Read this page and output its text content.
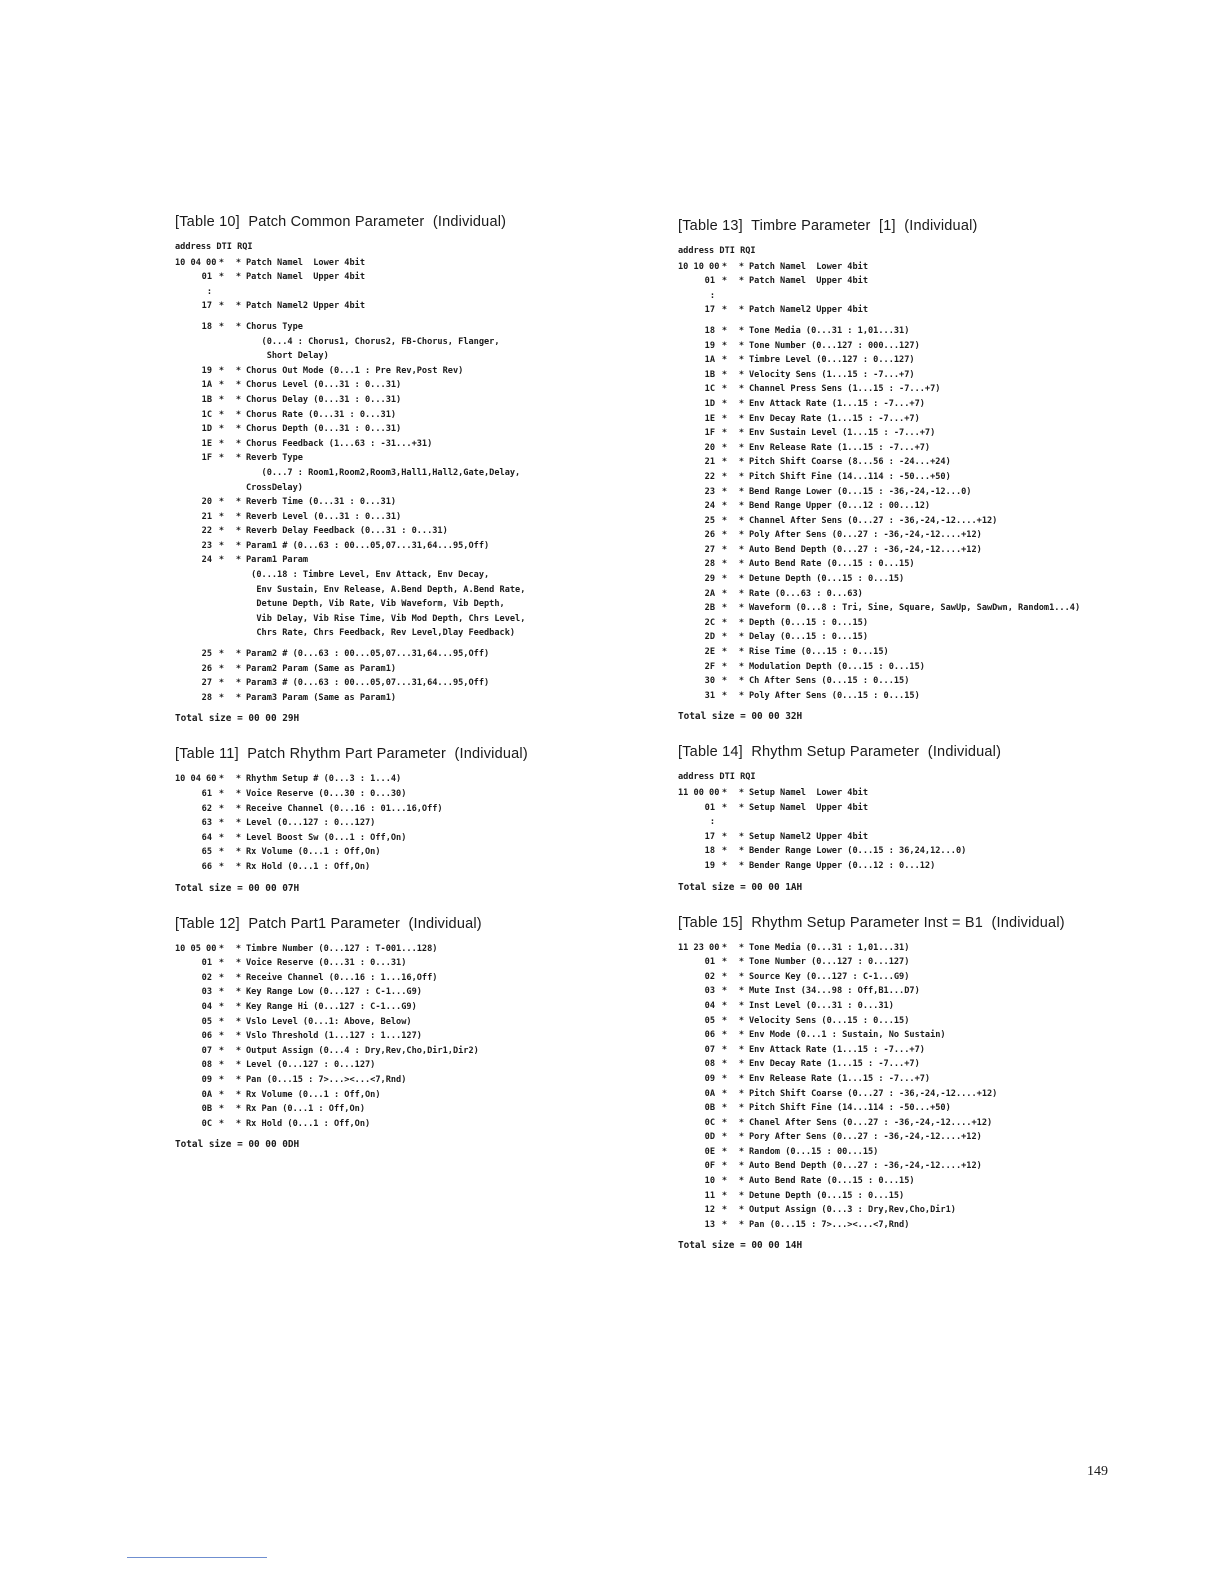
[Table 10]  Patch Common Parameter  (Individual)
address DTI RQI
10 04 00 *	* Patch Namel  Lower 4bit
01 *	* Patch Namel  Upper 4bit
:
17 *	* Patch Namel2 Upper 4bit
18 *	* Chorus Type
(0...4 : Chorus1, Chorus2, FB-Chorus, Flanger,
Short Delay)
19 *	* Chorus Out Mode (0...1 : Pre Rev,Post Rev)
1A *	* Chorus Level (0...31 : 0...31)
1B *	* Chorus Delay (0...31 : 0...31)
1C *	* Chorus Rate (0...31 : 0...31)
1D *	* Chorus Depth (0...31 : 0...31)
1E *	* Chorus Feedback (1...63 : -31...+31)
1F *	* Reverb Type
(0...7 : Room1,Room2,Room3,Hall1,Hall2,Gate,Delay,
CrossDelay)
20 *	* Reverb Time (0...31 : 0...31)
21 *	* Reverb Level (0...31 : 0...31)
22 *	* Reverb Delay Feedback (0...31 : 0...31)
23 *	* Param1 # (0...63 : 00...05,07...31,64...95,Off)
24 *	* Param1 Param
(0...18 : Timbre Level, Env Attack, Env Decay,
Env Sustain, Env Release, A.Bend Depth, A.Bend Rate,
Detune Depth, Vib Rate, Vib Waveform, Vib Depth,
Vib Delay, Vib Rise Time, Vib Mod Depth, Chrs Level,
Chrs Rate, Chrs Feedback, Rev Level,Dlay Feedback)
25 *	* Param2 # (0...63 : 00...05,07...31,64...95,Off)
26 *	* Param2 Param (Same as Param1)
27 *	* Param3 # (0...63 : 00...05,07...31,64...95,Off)
28 *	* Param3 Param (Same as Param1)
Total size = 00 00 29H
[Table 11]  Patch Rhythm Part Parameter  (Individual)
10 04 60 *	* Rhythm Setup # (0...3 : 1...4)
61 *	* Voice Reserve (0...30 : 0...30)
62 *	* Receive Channel (0...16 : 01...16,Off)
63 *	* Level (0...127 : 0...127)
64 *	* Level Boost Sw (0...1 : Off,On)
65 *	* Rx Volume (0...1 : Off,On)
66 *	* Rx Hold (0...1 : Off,On)
Total size = 00 00 07H
[Table 12]  Patch Part1 Parameter  (Individual)
10 05 00 *	* Timbre Number (0...127 : T-001...128)
01 *	* Voice Reserve (0...31 : 0...31)
02 *	* Receive Channel (0...16 : 1...16,Off)
03 *	* Key Range Low (0...127 : C-1...G9)
04 *	* Key Range Hi (0...127 : C-1...G9)
05 *	* Vslo Level (0...1: Above, Below)
06 *	* Vslo Threshold (1...127 : 1...127)
07 *	* Output Assign (0...4 : Dry,Rev,Cho,Dir1,Dir2)
08 *	* Level (0...127 : 0...127)
09 *	* Pan (0...15 : 7>...><...<7,Rnd)
0A *	* Rx Volume (0...1 : Off,On)
0B *	* Rx Pan (0...1 : Off,On)
0C *	* Rx Hold (0...1 : Off,On)
Total size = 00 00 0DH
[Table 13]  Timbre Parameter  [1]  (Individual)
address DTI RQI
10 10 00 *	* Patch Namel  Lower 4bit
01 *	* Patch Namel  Upper 4bit
:
17 *	* Patch Namel2 Upper 4bit
18 *	* Tone Media (0...31 : 1,01...31)
19 *	* Tone Number (0...127 : 000...127)
1A *	* Timbre Level (0...127 : 0...127)
1B *	* Velocity Sens (1...15 : -7...+7)
1C *	* Channel Press Sens (1...15 : -7...+7)
1D *	* Env Attack Rate (1...15 : -7...+7)
1E *	* Env Decay Rate (1...15 : -7...+7)
1F *	* Env Sustain Level (1...15 : -7...+7)
20 *	* Env Release Rate (1...15 : -7...+7)
21 *	* Pitch Shift Coarse (8...56 : -24...+24)
22 *	* Pitch Shift Fine (14...114 : -50...+50)
23 *	* Bend Range Lower (0...15 : -36,-24,-12...0)
24 *	* Bend Range Upper (0...12 : 00...12)
25 *	* Channel After Sens (0...27 : -36,-24,-12....+12)
26 *	* Poly After Sens (0...27 : -36,-24,-12....+12)
27 *	* Auto Bend Depth (0...27 : -36,-24,-12....+12)
28 *	* Auto Bend Rate (0...15 : 0...15)
29 *	* Detune Depth (0...15 : 0...15)
2A *	* Rate (0...63 : 0...63)
2B *	* Waveform (0...8 : Tri, Sine, Square, SawUp, SawDwn, Random1...4)
2C *	* Depth (0...15 : 0...15)
2D *	* Delay (0...15 : 0...15)
2E *	* Rise Time (0...15 : 0...15)
2F *	* Modulation Depth (0...15 : 0...15)
30 *	* Ch After Sens (0...15 : 0...15)
31 *	* Poly After Sens (0...15 : 0...15)
Total size = 00 00 32H
[Table 14]  Rhythm Setup Parameter  (Individual)
address DTI RQI
11 00 00 *	* Setup Namel  Lower 4bit
01 *	* Setup Namel  Upper 4bit
:
17 *	* Setup Namel2 Upper 4bit
18 *	* Bender Range Lower (0...15 : 36,24,12...0)
19 *	* Bender Range Upper (0...12 : 0...12)
Total size = 00 00 1AH
[Table 15]  Rhythm Setup Parameter Inst = B1  (Individual)
11 23 00 *	* Tone Media (0...31 : 1,01...31)
01 *	* Tone Number (0...127 : 0...127)
02 *	* Source Key (0...127 : C-1...G9)
03 *	* Mute Inst (34...98 : Off,B1...D7)
04 *	* Inst Level (0...31 : 0...31)
05 *	* Velocity Sens (0...15 : 0...15)
06 *	* Env Mode (0...1 : Sustain, No Sustain)
07 *	* Env Attack Rate (1...15 : -7...+7)
08 *	* Env Decay Rate (1...15 : -7...+7)
09 *	* Env Release Rate (1...15 : -7...+7)
0A *	* Pitch Shift Coarse (0...27 : -36,-24,-12....+12)
0B *	* Pitch Shift Fine (14...114 : -50...+50)
0C *	* Chanel After Sens (0...27 : -36,-24,-12....+12)
0D *	* Pory After Sens (0...27 : -36,-24,-12....+12)
0E *	* Random (0...15 : 00...15)
0F *	* Auto Bend Depth (0...27 : -36,-24,-12....+12)
10 *	* Auto Bend Rate (0...15 : 0...15)
11 *	* Detune Depth (0...15 : 0...15)
12 *	* Output Assign (0...3 : Dry,Rev,Cho,Dir1)
13 *	* Pan (0...15 : 7>...><...<7,Rnd)
Total size = 00 00 14H
149
